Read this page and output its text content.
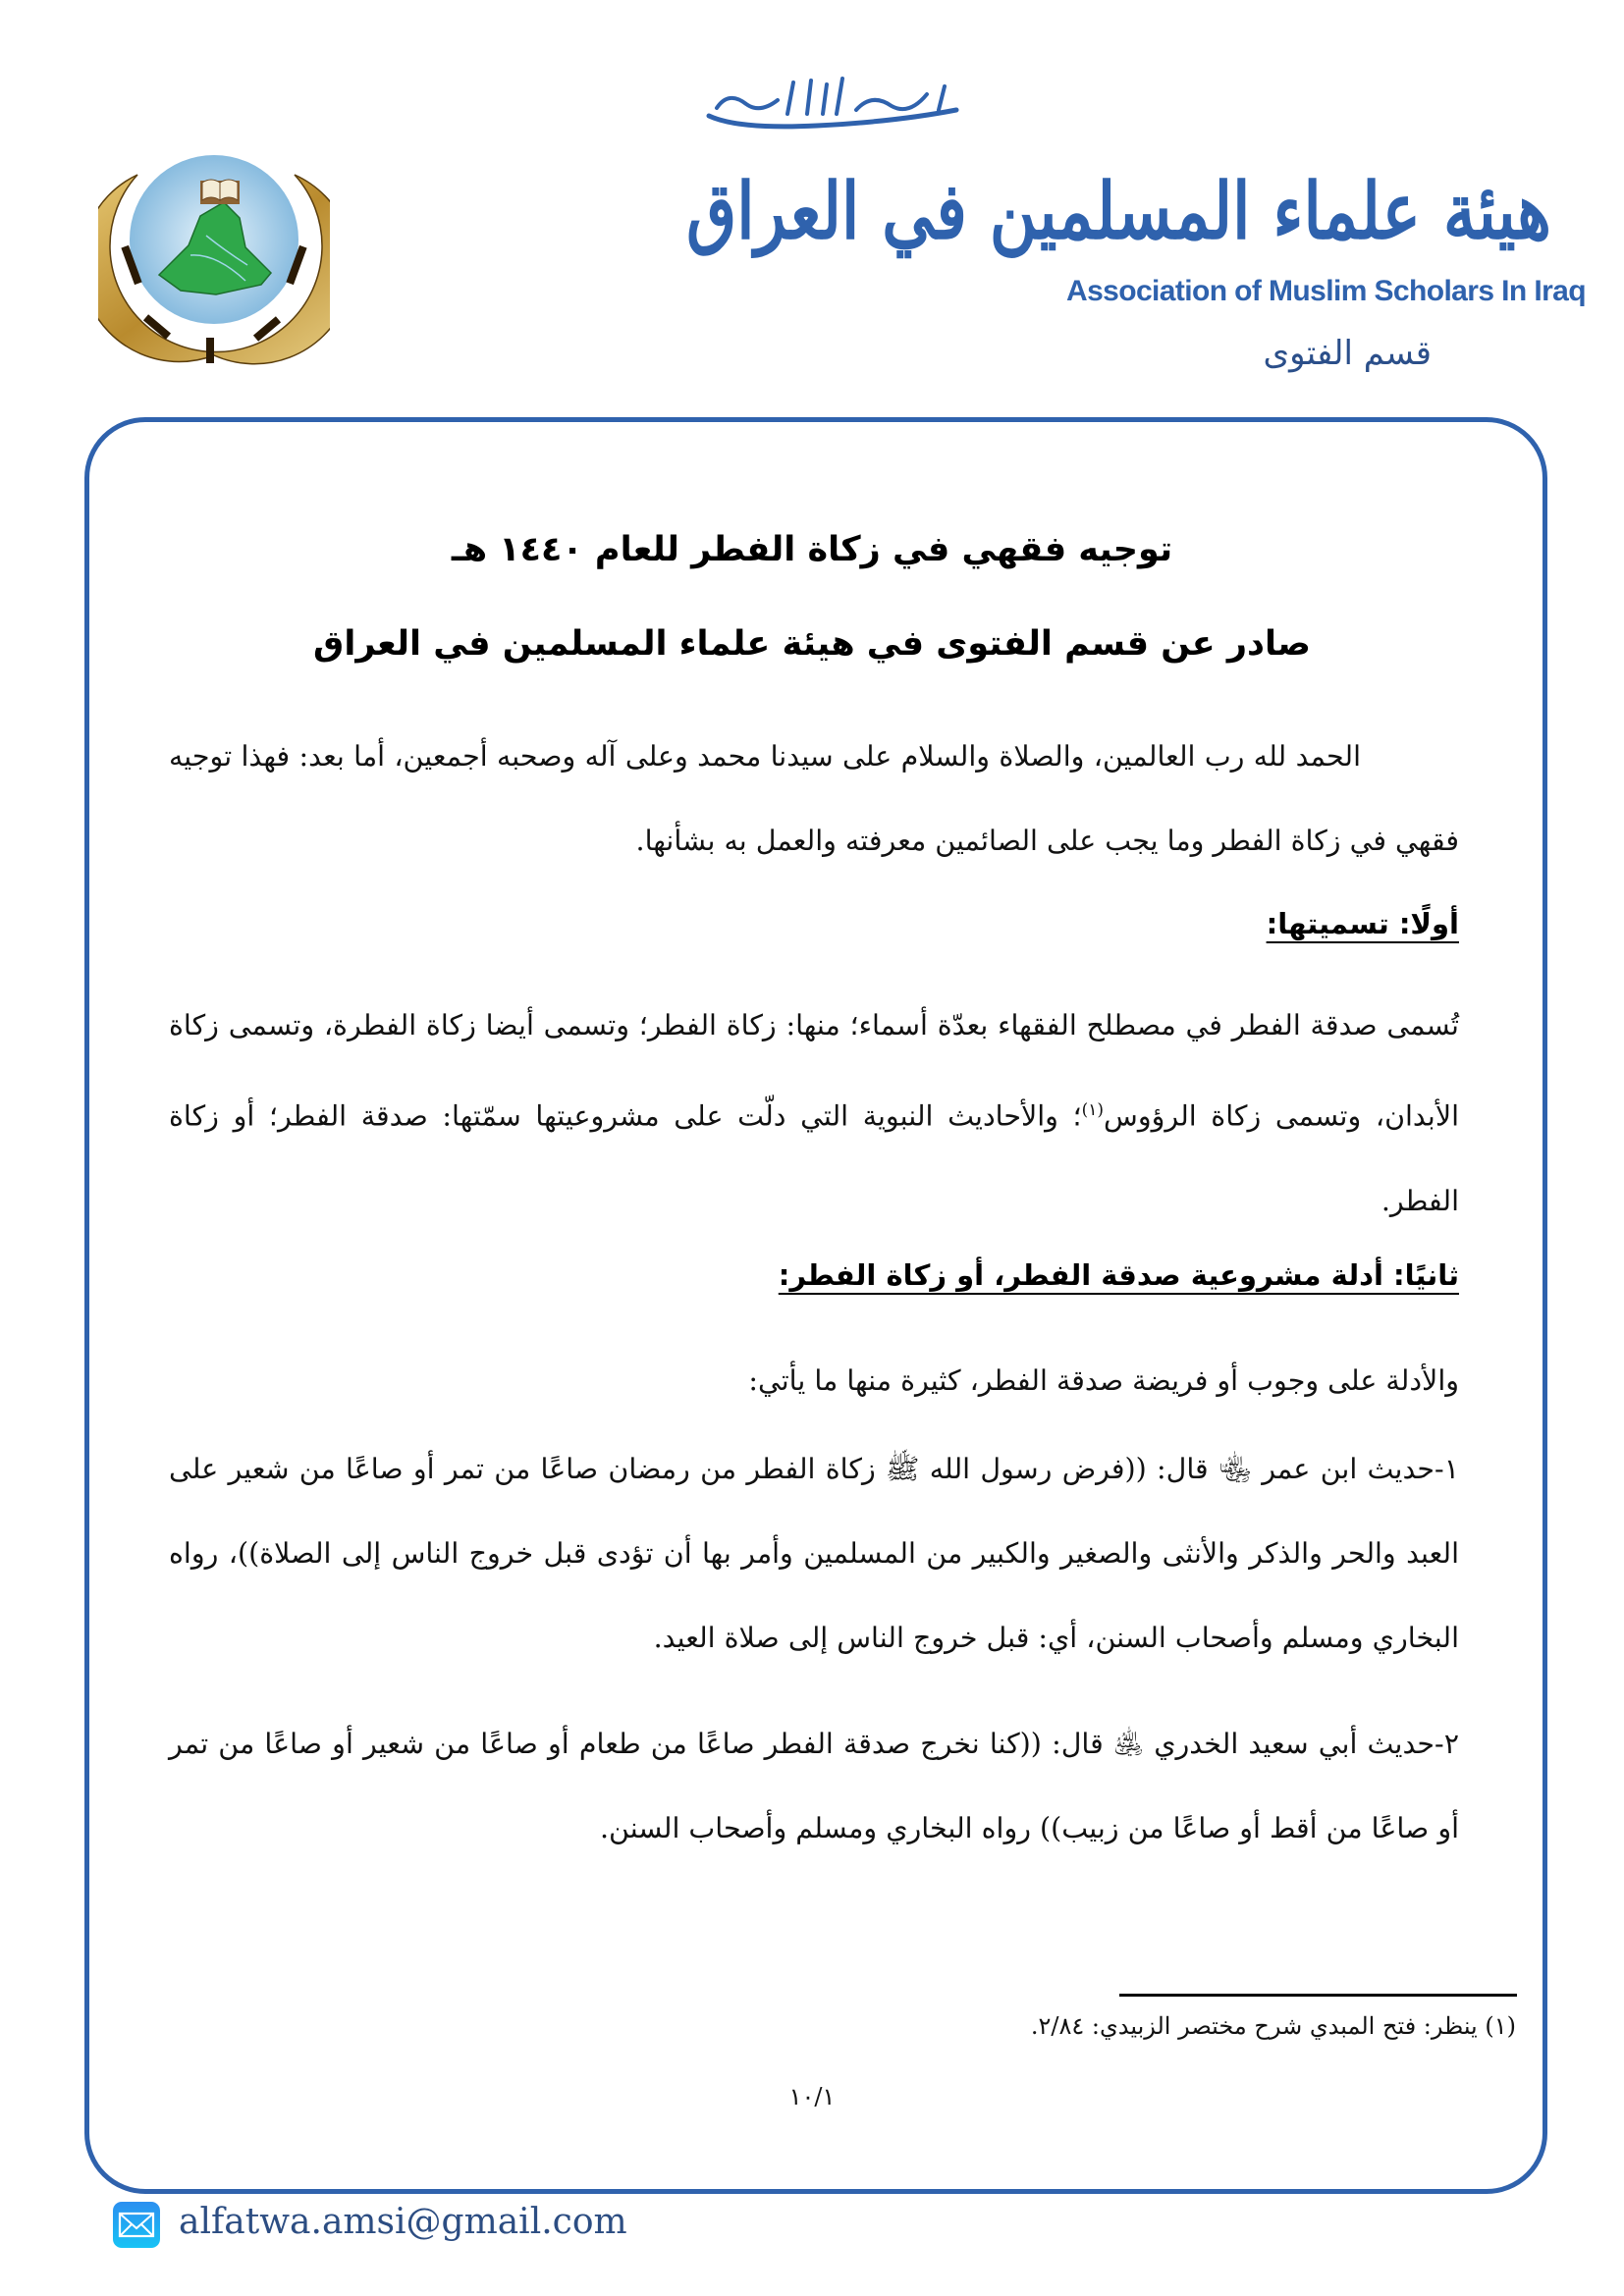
هيئة علماء المسلمين في العراق
Association of Muslim Scholars In Iraq
قسم الفتوى
توجيه فقهي في زكاة الفطر للعام ١٤٤٠ هـ
صادر عن قسم الفتوى في هيئة علماء المسلمين في العراق
الحمد لله رب العالمين، والصلاة والسلام على سيدنا محمد وعلى آله وصحبه أجمعين، أما بعد: فهذا توجيه فقهي في زكاة الفطر وما يجب على الصائمين معرفته والعمل به بشأنها.
أولًا: تسميتها:
تُسمى صدقة الفطر في مصطلح الفقهاء بعدّة أسماء؛ منها: زكاة الفطر؛ وتسمى أيضا زكاة الفطرة، وتسمى زكاة الأبدان، وتسمى زكاة الرؤوس$^{(١)}$؛ والأحاديث النبوية التي دلّت على مشروعيتها سمّتها: صدقة الفطر؛ أو زكاة الفطر.
ثانيًا: أدلة مشروعية صدقة الفطر، أو زكاة الفطر:
والأدلة على وجوب أو فريضة صدقة الفطر، كثيرة منها ما يأتي:
١-حديث ابن عمر ﵄ قال: ((فرض رسول الله ﷺ زكاة الفطر من رمضان صاعًا من تمر أو صاعًا من شعير على العبد والحر والذكر والأنثى والصغير والكبير من المسلمين وأمر بها أن تؤدى قبل خروج الناس إلى الصلاة))، رواه البخاري ومسلم وأصحاب السنن، أي: قبل خروج الناس إلى صلاة العيد.
٢-حديث أبي سعيد الخدري ﵁ قال: ((كنا نخرج صدقة الفطر صاعًا من طعام أو صاعًا من شعير أو صاعًا من تمر أو صاعًا من أقط أو صاعًا من زبيب)) رواه البخاري ومسلم وأصحاب السنن.
(١) ينظر: فتح المبدي شرح مختصر الزبيدي: ٢/٨٤.
١٠/١
alfatwa.amsi@gmail.com
